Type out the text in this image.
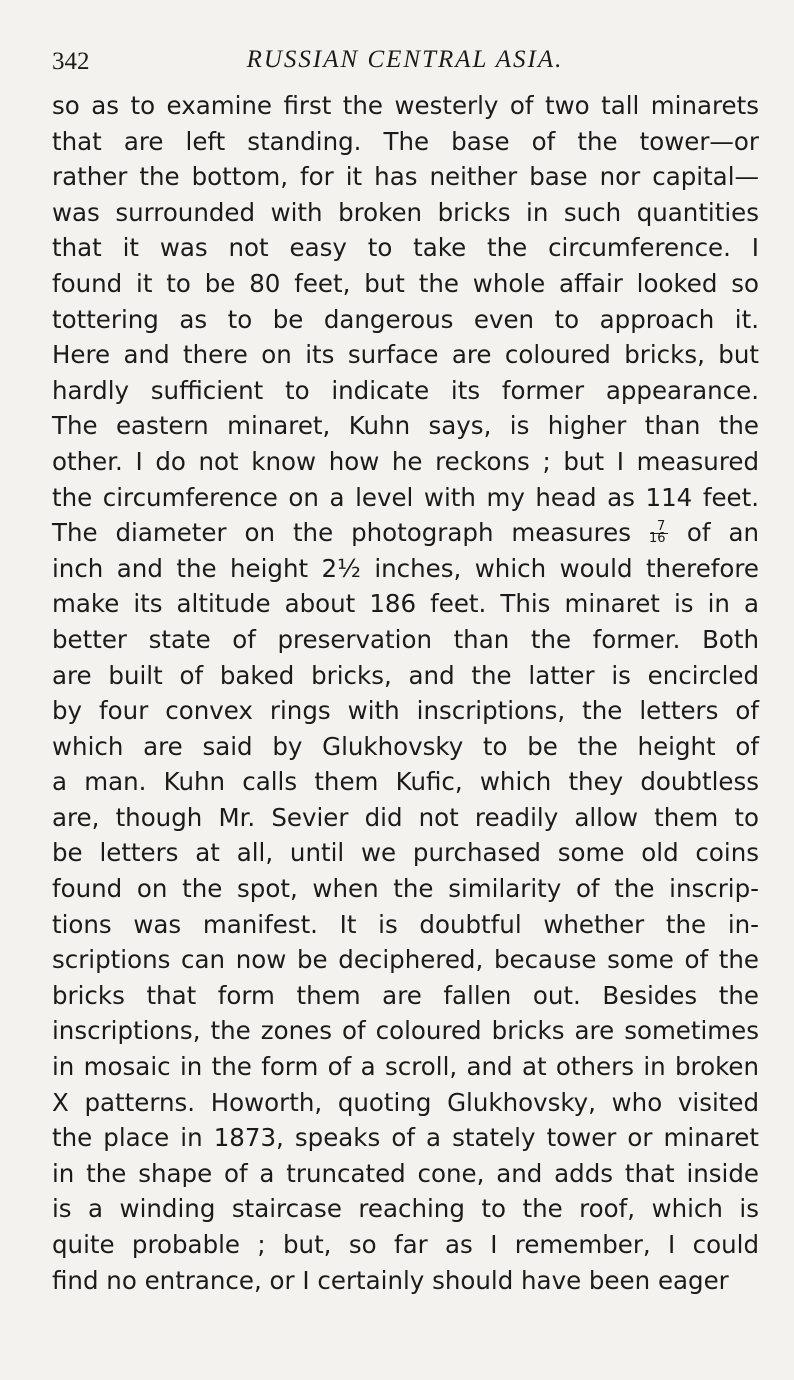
342	RUSSIAN CENTRAL ASIA.
so as to examine first the westerly of two tall minarets
that are left standing. The base of the tower—or
rather the bottom, for it has neither base nor capital—
was surrounded with broken bricks in such quantities
that it was not easy to take the circumference. I
found it to be 80 feet, but the whole affair looked so
tottering as to be dangerous even to approach it.
Here and there on its surface are coloured bricks, but
hardly sufficient to indicate its former appearance.
The eastern minaret, Kuhn says, is higher than the
other. I do not know how he reckons ; but I measured
the circumference on a level with my head as 114 feet.
The diameter on the photograph measures $\frac{7}{16}$ of an
inch and the height 2½ inches, which would therefore
make its altitude about 186 feet. This minaret is in a
better state of preservation than the former. Both
are built of baked bricks, and the latter is encircled
by four convex rings with inscriptions, the letters of
which are said by Glukhovsky to be the height of
a man. Kuhn calls them Kufic, which they doubtless
are, though Mr. Sevier did not readily allow them to
be letters at all, until we purchased some old coins
found on the spot, when the similarity of the inscrip-
tions was manifest. It is doubtful whether the in-
scriptions can now be deciphered, because some of the
bricks that form them are fallen out. Besides the
inscriptions, the zones of coloured bricks are sometimes
in mosaic in the form of a scroll, and at others in broken
X patterns. Howorth, quoting Glukhovsky, who visited
the place in 1873, speaks of a stately tower or minaret
in the shape of a truncated cone, and adds that inside
is a winding staircase reaching to the roof, which is
quite probable ; but, so far as I remember, I could
find no entrance, or I certainly should have been eager
